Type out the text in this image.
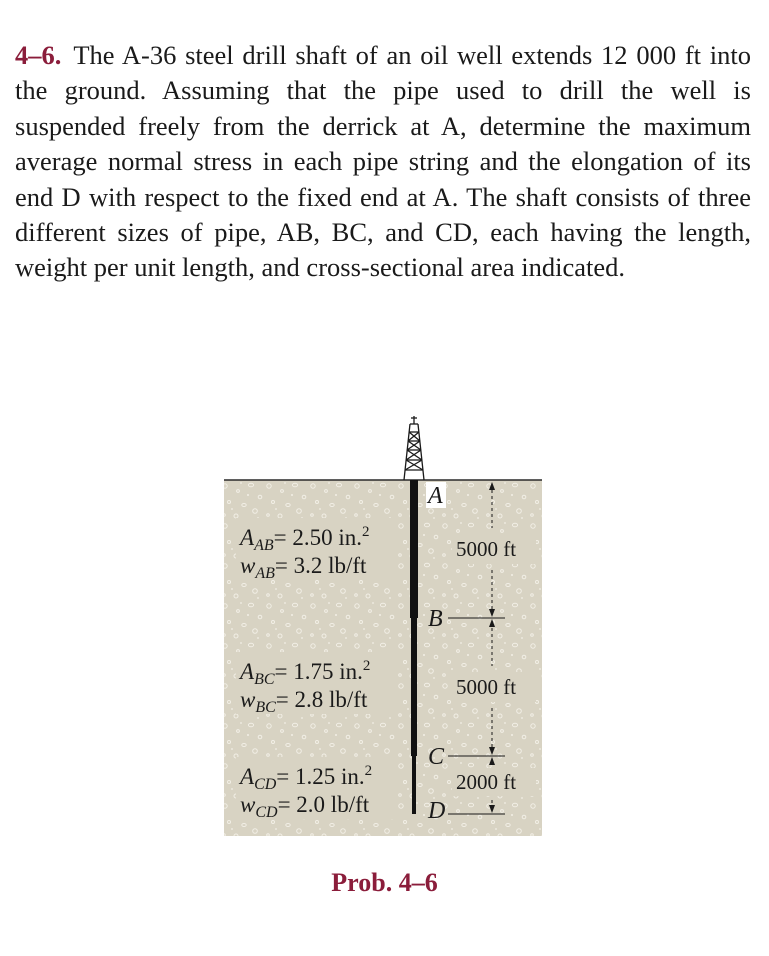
4–6. The A-36 steel drill shaft of an oil well extends 12 000 ft into the ground. Assuming that the pipe used to drill the well is suspended freely from the derrick at A, determine the maximum average normal stress in each pipe string and the elongation of its end D with respect to the fixed end at A. The shaft consists of three different sizes of pipe, AB, BC, and CD, each having the length, weight per unit length, and cross-sectional area indicated.

A
B
C
D
5000 ft
5000 ft
2000 ft
$A_{AB}= 2.50$ in.$^2$
$w_{AB}= 3.2$ lb/ft
$A_{BC}= 1.75$ in.$^2$
$w_{BC}= 2.8$ lb/ft
$A_{CD}= 1.25$ in.$^2$
$w_{CD}= 2.0$ lb/ft

Prob. 4–6
